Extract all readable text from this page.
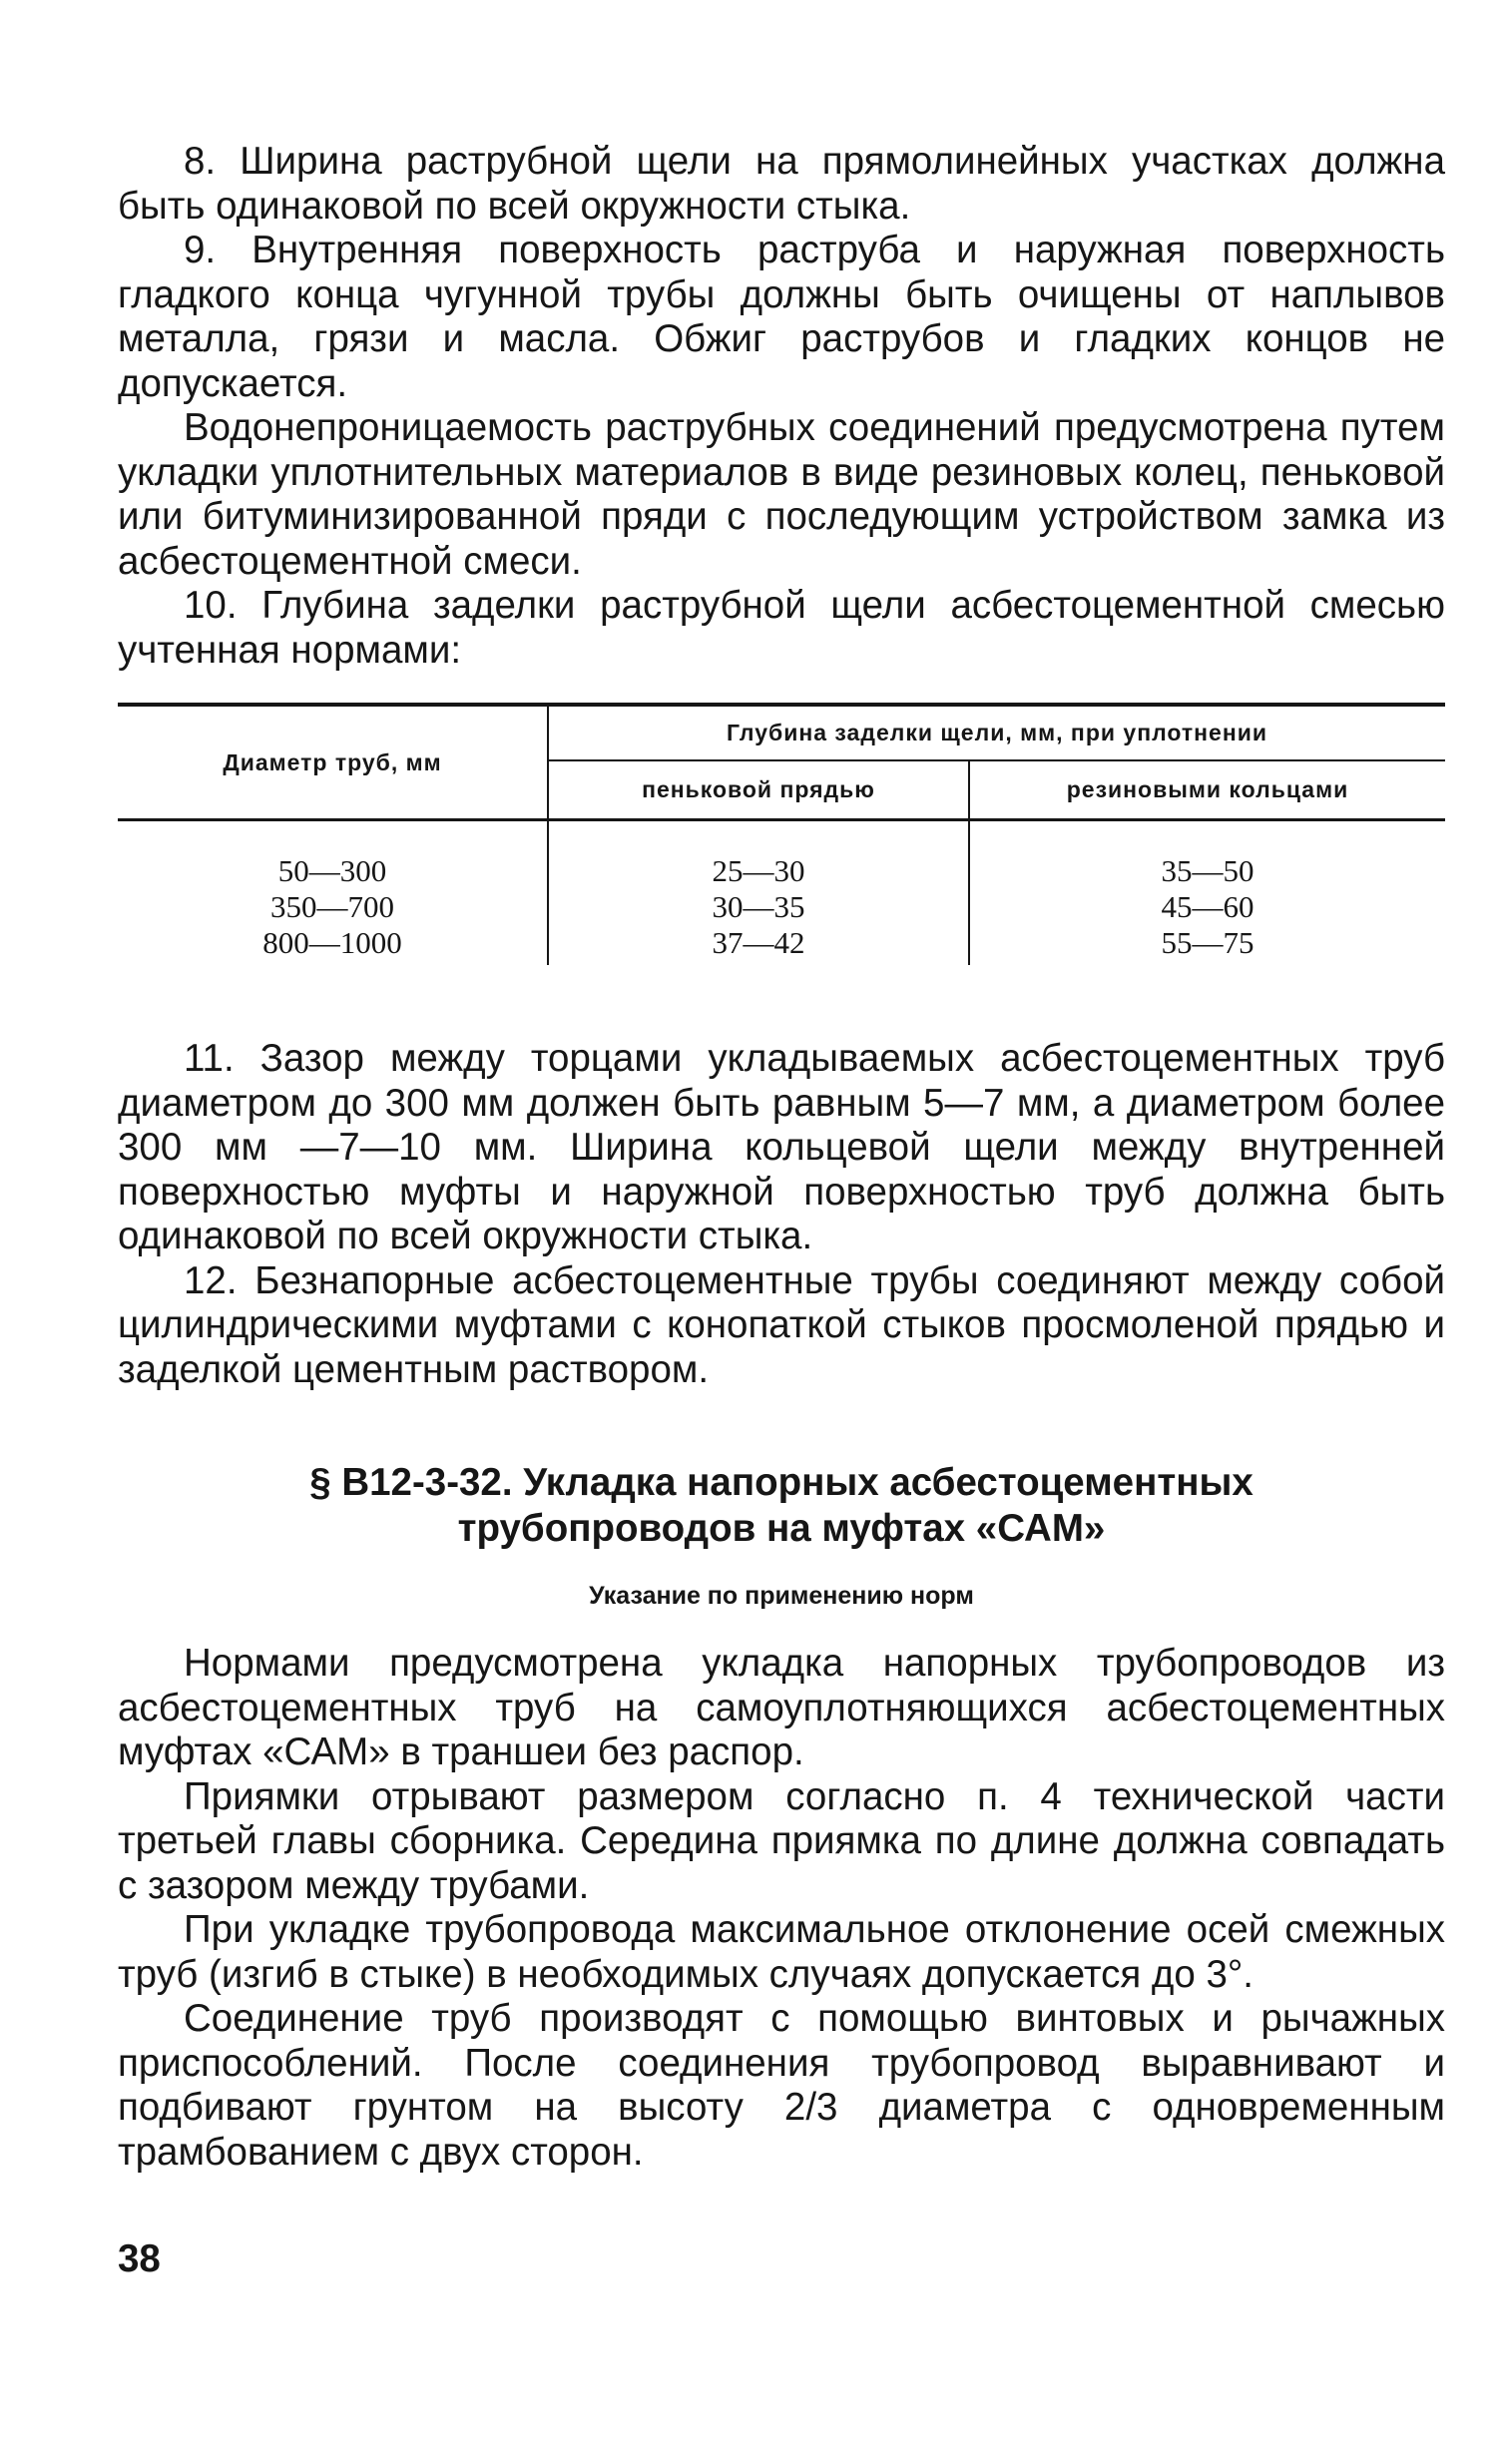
8. Ширина раструбной щели на прямолинейных участках должна быть одинаковой по всей окружности стыка.

9. Внутренняя поверхность раструба и наружная поверхность гладкого конца чугунной трубы должны быть очищены от наплывов металла, грязи и масла. Обжиг раструбов и гладких концов не допускается.

Водонепроницаемость раструбных соединений предусмотрена путем укладки уплотнительных материалов в виде резиновых колец, пеньковой или битуминизированной пряди с последующим устройством замка из асбестоцементной смеси.

10. Глубина заделки раструбной щели асбестоцементной смесью учтенная нормами:

Диаметр труб, мм	Глубина заделки щели, мм, при уплотнении	
	пеньковой прядью	резиновыми кольцами
50—300	25—30	35—50
350—700	30—35	45—60
800—1000	37—42	55—75

11. Зазор между торцами укладываемых асбестоцементных труб диаметром до 300 мм должен быть равным 5—7 мм, а диаметром более 300 мм —7—10 мм. Ширина кольцевой щели между внутренней поверхностью муфты и наружной поверхностью труб должна быть одинаковой по всей окружности стыка.

12. Безнапорные асбестоцементные трубы соединяют между собой цилиндрическими муфтами с конопаткой стыков просмоленой прядью и заделкой цементным раствором.

§ В12-3-32. Укладка напорных асбестоцементных
трубопроводов на муфтах «САМ»
Указание по применению норм

Нормами предусмотрена укладка напорных трубопроводов из асбестоцементных труб на самоуплотняющихся асбестоцементных муфтах «САМ» в траншеи без распор.

Приямки отрывают размером согласно п. 4 технической части третьей главы сборника. Середина приямка по длине должна совпадать с зазором между трубами.

При укладке трубопровода максимальное отклонение осей смежных труб (изгиб в стыке) в необходимых случаях допускается до 3°.

Соединение труб производят с помощью винтовых и рычажных приспособлений. После соединения трубопровод выравнивают и подбивают грунтом на высоту 2/3 диаметра с одновременным трамбованием с двух сторон.

38
